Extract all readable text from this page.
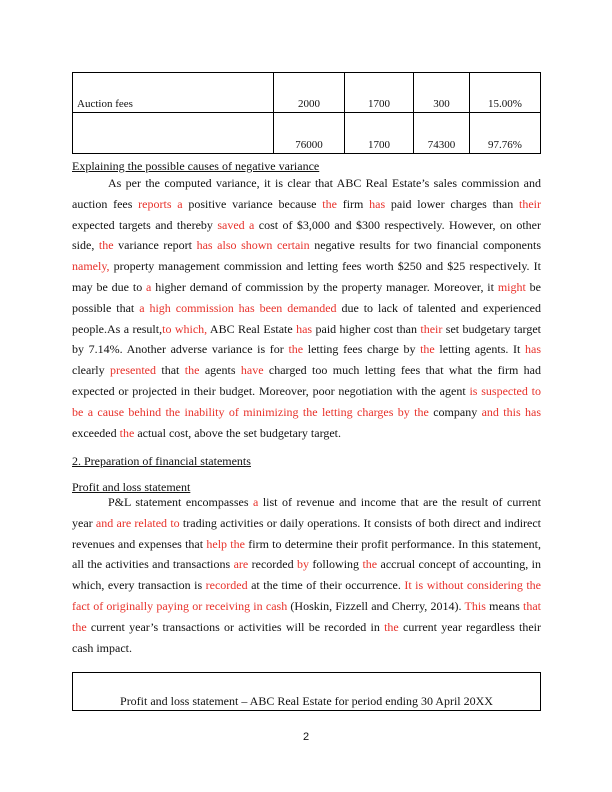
Auction fees	2000	1700	300	15.00%
	76000	1700	74300	97.76%
Explaining the possible causes of negative variance
As per the computed variance, it is clear that ABC Real Estate’s sales commission and auction fees reports a positive variance because the firm has paid lower charges than their expected targets and thereby saved a cost of $3,000 and $300 respectively. However, on other side, the variance report has also shown certain negative results for two financial components namely, property management commission and letting fees worth $250 and $25 respectively. It may be due to a higher demand of commission by the property manager. Moreover, it might be possible that a high commission has been demanded due to lack of talented and experienced people.As a result,to which, ABC Real Estate has paid higher cost than their set budgetary target by 7.14%. Another adverse variance is for the letting fees charge by the letting agents. It has clearly presented that the agents have charged too much letting fees that what the firm had expected or projected in their budget. Moreover, poor negotiation with the agent is suspected to be a cause behind the inability of minimizing the letting charges by the company and this has exceeded the actual cost, above the set budgetary target.
2. Preparation of financial statements
Profit and loss statement
P&L statement encompasses a list of revenue and income that are the result of current year and are related to trading activities or daily operations. It consists of both direct and indirect revenues and expenses that help the firm to determine their profit performance. In this statement, all the activities and transactions are recorded by following the accrual concept of accounting, in which, every transaction is recorded at the time of their occurrence. It is without considering the fact of originally paying or receiving in cash (Hoskin, Fizzell and Cherry, 2014). This means that the current year’s transactions or activities will be recorded in the current year regardless their cash impact.
Profit and loss statement – ABC Real Estate for period ending 30 April 20XX
2
